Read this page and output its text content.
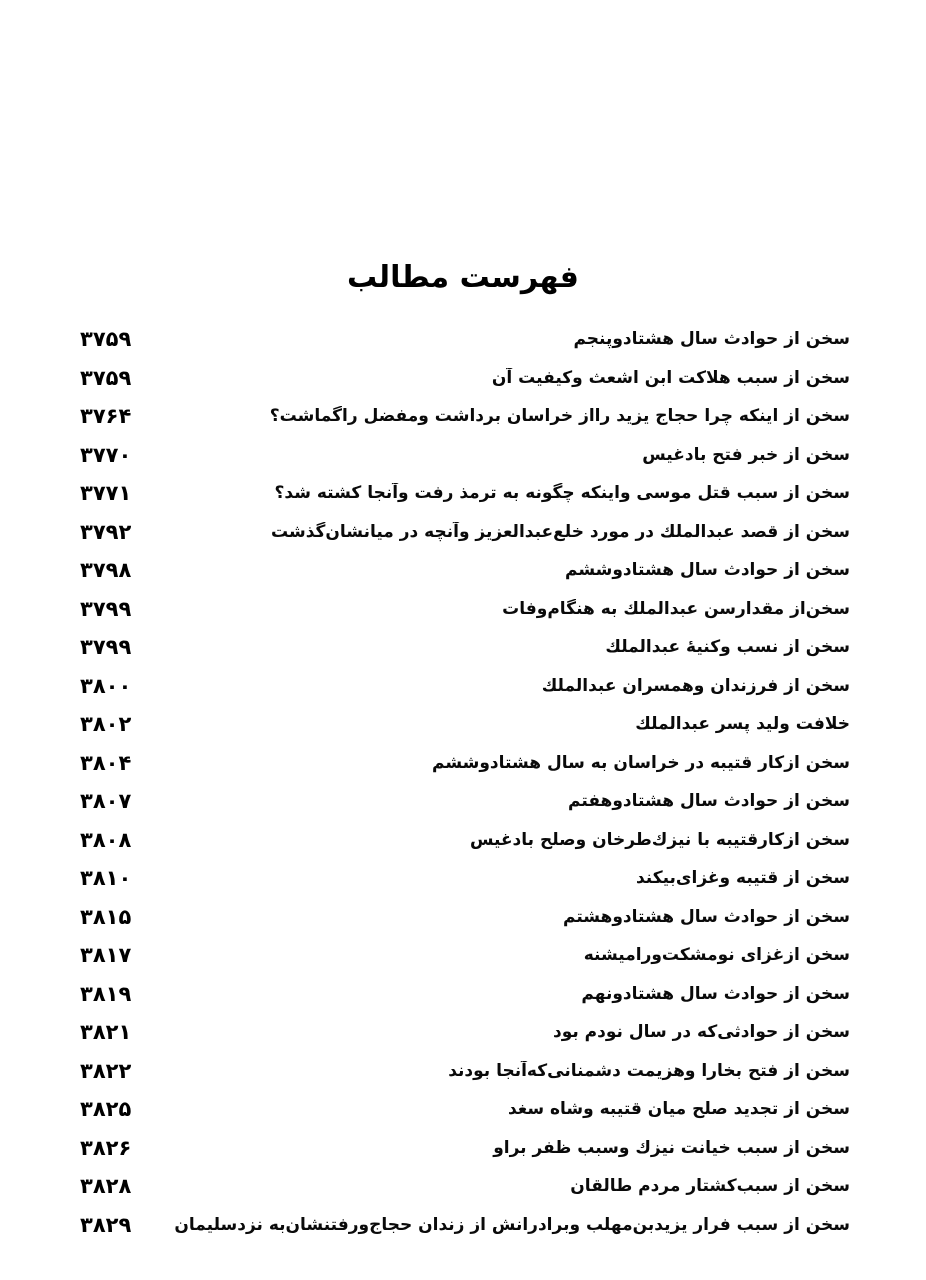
فهرست مطالب
۳۷۵۹	سخن از حوادث سال هشتادوپنجم
۳۷۵۹	سخن از سبب هلاکت ابن اشعث وکیفیت آن
۳۷۶۴	سخن از اینکه چرا حجاج یزید رااز خراسان برداشت ومفضل راگماشت؟
۳۷۷۰	سخن از خبر فتح بادغیس
۳۷۷۱	سخن از سبب قتل موسی واینکه چگونه به ترمذ رفت وآنجا کشته شد؟
۳۷۹۲	سخن از قصد عبدالملك در مورد خلع‌عبدالعزیز وآنچه در میانشان‌گذشت
۳۷۹۸	سخن از حوادث سال هشتادوششم
۳۷۹۹	سخن‌از مقدارسن عبدالملك به هنگام‌وفات
۳۷۹۹	سخن از نسب وکنیهٔ عبدالملك
۳۸۰۰	سخن از فرزندان وهمسران عبدالملك
۳۸۰۲	خلافت ولید پسر عبدالملك
۳۸۰۴	سخن ازکار قتیبه در خراسان به سال هشتادوششم
۳۸۰۷	سخن از حوادث سال هشتادوهفتم
۳۸۰۸	سخن ازکارقتیبه با نیزك‌طرخان وصلح بادغیس
۳۸۱۰	سخن از قتیبه وغزای‌بیکند
۳۸۱۵	سخن از حوادث سال هشتادوهشتم
۳۸۱۷	سخن ازغزای نومشکت‌ورامیشنه
۳۸۱۹	سخن از حوادث سال هشتادونهم
۳۸۲۱	سخن از حوادثی‌که در سال نودم بود
۳۸۲۲	سخن از فتح بخارا وهزیمت دشمنانی‌که‌آنجا بودند
۳۸۲۵	سخن از تجدید صلح میان قتیبه وشاه سغد
۳۸۲۶	سخن از سبب خیانت نیزك وسبب ظفر براو
۳۸۲۸	سخن از سبب‌کشتار مردم طالقان
۳۸۲۹	سخن از سبب فرار یزیدبن‌مهلب وبرادرانش از زندان حجاج‌ورفتنشان‌به نزدسلیمان
